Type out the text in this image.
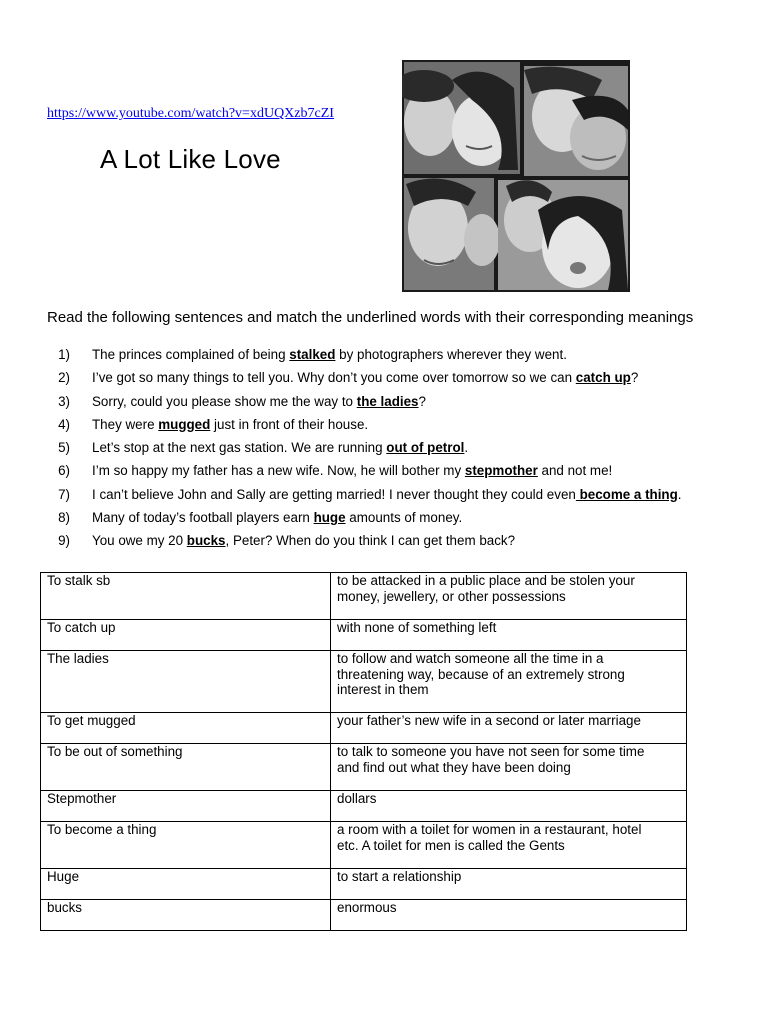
https://www.youtube.com/watch?v=xdUQXzb7cZI
A Lot Like Love

Read the following sentences and match the underlined words with their corresponding meanings

1) The princes complained of being stalked by photographers wherever they went.
2) I’ve got so many things to tell you. Why don’t you come over tomorrow so we can catch up?
3) Sorry, could you please show me the way to the ladies?
4) They were mugged just in front of their house.
5) Let’s stop at the next gas station. We are running out of petrol.
6) I’m so happy my father has a new wife. Now, he will bother my stepmother and not me!
7) I can’t believe John and Sally are getting married! I never thought they could even become a thing.
8) Many of today’s football players earn huge amounts of money.
9) You owe my 20 bucks, Peter? When do you think I can get them back?
To stalk sb	to be attacked in a public place and be stolen your
money, jewellery, or other possessions

To catch up	with none of something left

The ladies	to follow and watch someone all the time in a
threatening way, because of an extremely strong
interest in them

To get mugged	your father’s new wife in a second or later marriage

To be out of something	to talk to someone you have not seen for some time
and find out what they have been doing

Stepmother	dollars

To become a thing	a room with a toilet for women in a restaurant, hotel
etc. A toilet for men is called the Gents

Huge	to start a relationship

bucks	enormous
